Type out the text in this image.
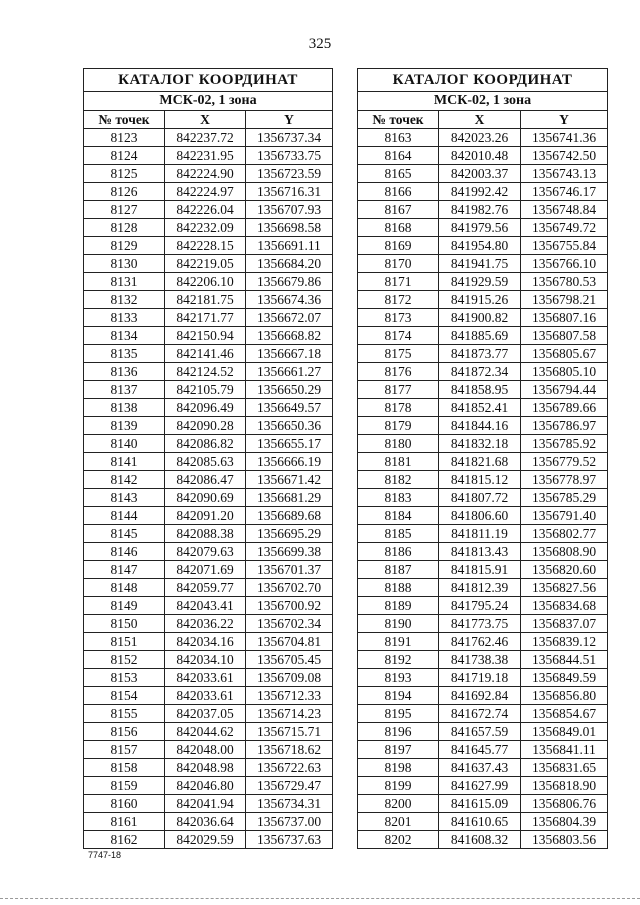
325
КАТАЛОГ КООРДИНАТ		
МСК-02, 1 зона		
№ точек	X	Y
8123	842237.72	1356737.34
8124	842231.95	1356733.75
8125	842224.90	1356723.59
8126	842224.97	1356716.31
8127	842226.04	1356707.93
8128	842232.09	1356698.58
8129	842228.15	1356691.11
8130	842219.05	1356684.20
8131	842206.10	1356679.86
8132	842181.75	1356674.36
8133	842171.77	1356672.07
8134	842150.94	1356668.82
8135	842141.46	1356667.18
8136	842124.52	1356661.27
8137	842105.79	1356650.29
8138	842096.49	1356649.57
8139	842090.28	1356650.36
8140	842086.82	1356655.17
8141	842085.63	1356666.19
8142	842086.47	1356671.42
8143	842090.69	1356681.29
8144	842091.20	1356689.68
8145	842088.38	1356695.29
8146	842079.63	1356699.38
8147	842071.69	1356701.37
8148	842059.77	1356702.70
8149	842043.41	1356700.92
8150	842036.22	1356702.34
8151	842034.16	1356704.81
8152	842034.10	1356705.45
8153	842033.61	1356709.08
8154	842033.61	1356712.33
8155	842037.05	1356714.23
8156	842044.62	1356715.71
8157	842048.00	1356718.62
8158	842048.98	1356722.63
8159	842046.80	1356729.47
8160	842041.94	1356734.31
8161	842036.64	1356737.00
8162	842029.59	1356737.63
КАТАЛОГ КООРДИНАТ		
МСК-02, 1 зона		
№ точек	X	Y
8163	842023.26	1356741.36
8164	842010.48	1356742.50
8165	842003.37	1356743.13
8166	841992.42	1356746.17
8167	841982.76	1356748.84
8168	841979.56	1356749.72
8169	841954.80	1356755.84
8170	841941.75	1356766.10
8171	841929.59	1356780.53
8172	841915.26	1356798.21
8173	841900.82	1356807.16
8174	841885.69	1356807.58
8175	841873.77	1356805.67
8176	841872.34	1356805.10
8177	841858.95	1356794.44
8178	841852.41	1356789.66
8179	841844.16	1356786.97
8180	841832.18	1356785.92
8181	841821.68	1356779.52
8182	841815.12	1356778.97
8183	841807.72	1356785.29
8184	841806.60	1356791.40
8185	841811.19	1356802.77
8186	841813.43	1356808.90
8187	841815.91	1356820.60
8188	841812.39	1356827.56
8189	841795.24	1356834.68
8190	841773.75	1356837.07
8191	841762.46	1356839.12
8192	841738.38	1356844.51
8193	841719.18	1356849.59
8194	841692.84	1356856.80
8195	841672.74	1356854.67
8196	841657.59	1356849.01
8197	841645.77	1356841.11
8198	841637.43	1356831.65
8199	841627.99	1356818.90
8200	841615.09	1356806.76
8201	841610.65	1356804.39
8202	841608.32	1356803.56
7747-18
